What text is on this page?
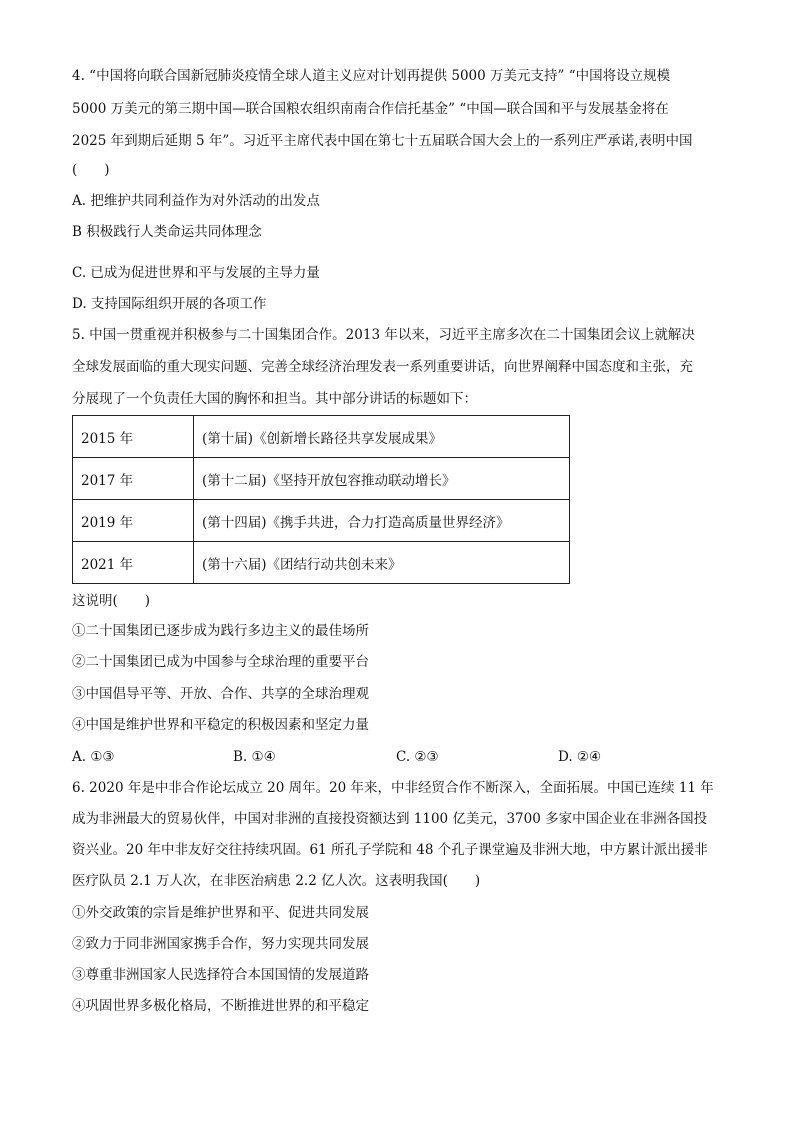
4. “中国将向联合国新冠肺炎疫情全球人道主义应对计划再提供 5000 万美元支持” “中国将设立规模
5000 万美元的第三期中国—联合国粮农组织南南合作信托基金” “中国—联合国和平与发展基金将在
2025 年到期后延期 5 年”。习近平主席代表中国在第七十五届联合国大会上的一系列庄严承诺,表明中国
(　　)
A. 把维护共同利益作为对外活动的出发点
B 积极践行人类命运共同体理念
C. 已成为促进世界和平与发展的主导力量
D. 支持国际组织开展的各项工作
5. 中国一贯重视并积极参与二十国集团合作。2013 年以来，习近平主席多次在二十国集团会议上就解决
全球发展面临的重大现实问题、完善全球经济治理发表一系列重要讲话，向世界阐释中国态度和主张，充
分展现了一个负责任大国的胸怀和担当。其中部分讲话的标题如下：
2015 年	(第十届)《创新增长路径共享发展成果》
2017 年	(第十二届)《坚持开放包容推动联动增长》
2019 年	(第十四届)《携手共进，合力打造高质量世界经济》
2021 年	(第十六届)《团结行动共创未来》
这说明(　　)
①二十国集团已逐步成为践行多边主义的最佳场所
②二十国集团已成为中国参与全球治理的重要平台
③中国倡导平等、开放、合作、共享的全球治理观
④中国是维护世界和平稳定的积极因素和坚定力量
A. ①③	B. ①④	C. ②③	D. ②④
6. 2020 年是中非合作论坛成立 20 周年。20 年来，中非经贸合作不断深入，全面拓展。中国已连续 11 年
成为非洲最大的贸易伙伴，中国对非洲的直接投资额达到 1100 亿美元，3700 多家中国企业在非洲各国投
资兴业。20 年中非友好交往持续巩固。61 所孔子学院和 48 个孔子课堂遍及非洲大地，中方累计派出援非
医疗队员 2.1 万人次，在非医治病患 2.2 亿人次。这表明我国(　　)
①外交政策的宗旨是维护世界和平、促进共同发展
②致力于同非洲国家携手合作，努力实现共同发展
③尊重非洲国家人民选择符合本国国情的发展道路
④巩固世界多极化格局，不断推进世界的和平稳定
